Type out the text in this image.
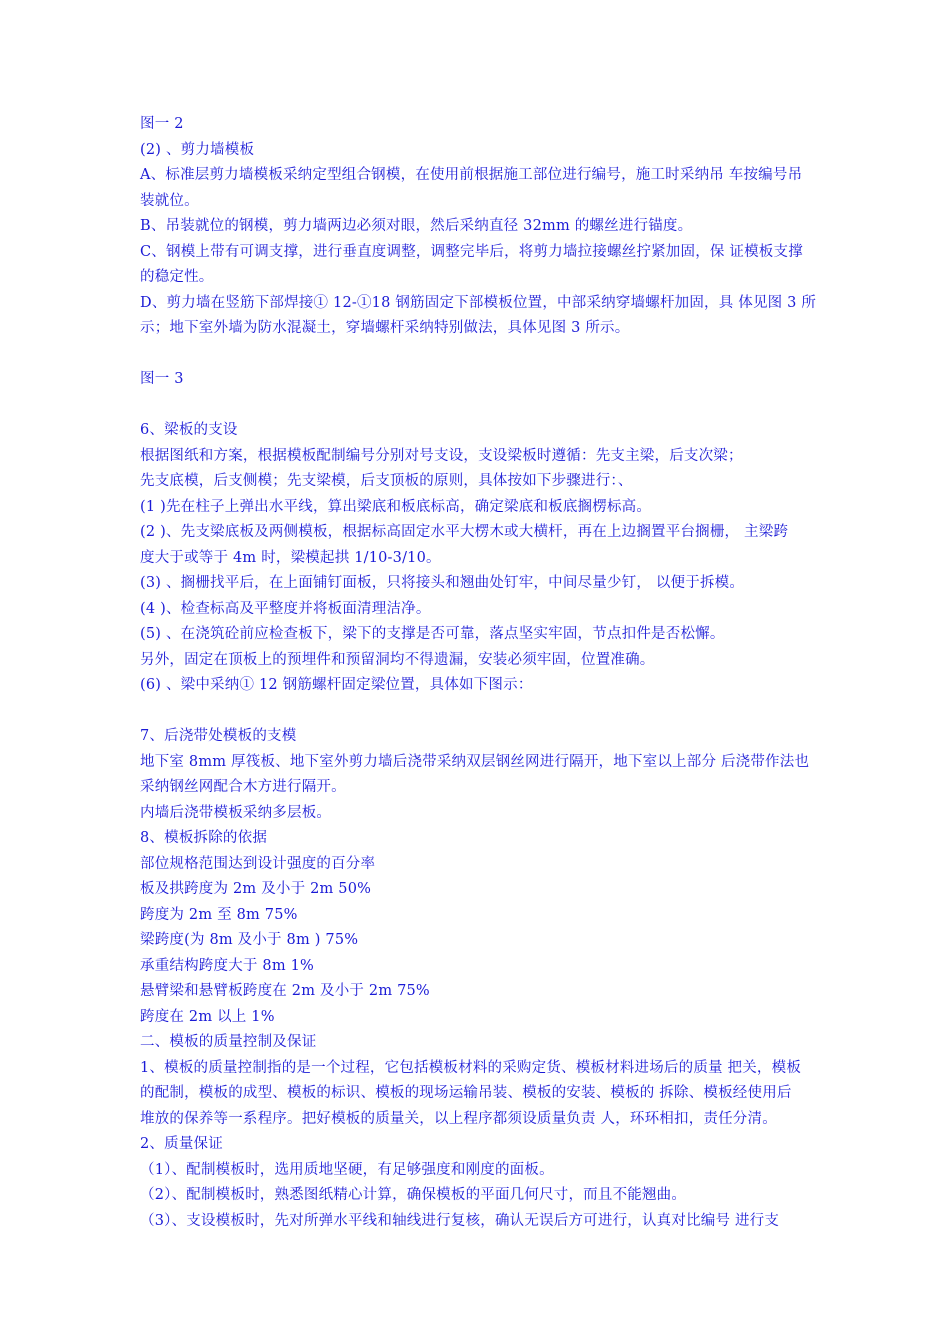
图一 2
(2) 、剪力墙模板
A、标准层剪力墙模板采纳定型组合钢模，在使用前根据施工部位进行编号，施工时采纳吊 车按编号吊
装就位。
B、吊装就位的钢模，剪力墙两边必须对眼，然后采纳直径 32mm 的螺丝进行锚度。
C、钢模上带有可调支撑，进行垂直度调整，调整完毕后，将剪力墙拉接螺丝拧紧加固，保 证模板支撑
的稳定性。
D、剪力墙在竖筋下部焊接① 12-①18 钢筋固定下部模板位置，中部采纳穿墙螺杆加固，具 体见图 3 所
示；地下室外墙为防水混凝土，穿墙螺杆采纳特别做法，具体见图 3 所示。
图一 3
6、梁板的支设
根据图纸和方案，根据模板配制编号分别对号支设，支设梁板时遵循：先支主梁，后支次梁；
先支底模，后支侧模；先支梁模，后支顶板的原则，具体按如下步骤进行：、
(1 )先在柱子上弹出水平线，算出梁底和板底标高，确定梁底和板底搁楞标高。
(2 )、先支梁底板及两侧模板，根据标高固定水平大楞木或大横杆，再在上边搁置平台搁栅， 主梁跨
度大于或等于 4m 时，梁模起拱 1/10-3/10。
(3) 、搁栅找平后，在上面铺钉面板，只将接头和翘曲处钉牢，中间尽量少钉， 以便于拆模。
(4 )、检查标高及平整度并将板面清理洁净。
(5) 、在浇筑砼前应检查板下，梁下的支撑是否可靠，落点坚实牢固，节点扣件是否松懈。
另外，固定在顶板上的预埋件和预留洞均不得遗漏，安装必须牢固，位置准确。
(6) 、梁中采纳① 12 钢筋螺杆固定梁位置，具体如下图示：
7、后浇带处模板的支模
地下室 8mm 厚筏板、地下室外剪力墙后浇带采纳双层钢丝网进行隔开，地下室以上部分 后浇带作法也
采纳钢丝网配合木方进行隔开。
内墙后浇带模板采纳多层板。
8、模板拆除的依据
部位规格范围达到设计强度的百分率
板及拱跨度为 2m 及小于 2m 50%
跨度为 2m 至 8m 75%
梁跨度(为 8m 及小于 8m ) 75%
承重结构跨度大于 8m 1%
悬臂梁和悬臂板跨度在 2m 及小于 2m 75%
跨度在 2m 以上 1%
二、模板的质量控制及保证
1、模板的质量控制指的是一个过程，它包括模板材料的采购定货、模板材料进场后的质量 把关，模板
的配制，模板的成型、模板的标识、模板的现场运输吊装、模板的安装、模板的 拆除、模板经使用后
堆放的保养等一系程序。把好模板的质量关，以上程序都须设质量负责 人，环环相扣，责任分清。
2、质量保证
（1）、配制模板时，选用质地坚硬，有足够强度和刚度的面板。
（2）、配制模板时，熟悉图纸精心计算，确保模板的平面几何尺寸，而且不能翘曲。
（3）、支设模板时，先对所弹水平线和轴线进行复核，确认无误后方可进行，认真对比编号 进行支
